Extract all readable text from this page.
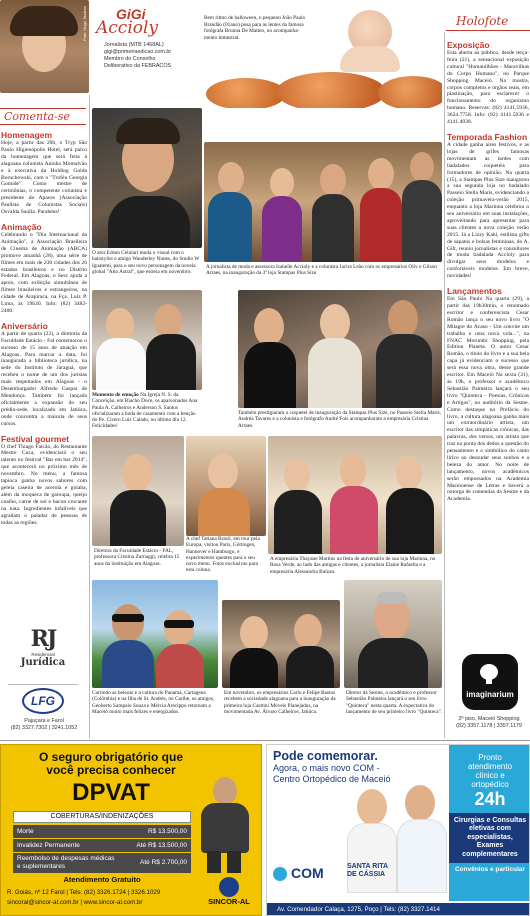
Foto: Hugo Tavares GiGi
Accioly
Jornalista (MTB 1468AL)
gigi@primeiraedicao.com.br
Membro do Conselho
Deliberativo da FEBRACOS
Bem ritmo de halloween, o pequeno João Paulo Brandão (01ano) posa para as lentes da famosa fotógrafa Brunna De Matteo, no acompanha-mento bimestral.
Holofote
Comenta-se
Homenagem
Hoje, a partir das 20h, o Tryp São Paulo Higienópolis Hotel, será palco da homenagem que será feita à alagoana colunista Aninha Montalvão e à executiva da Holding Golda Boruchowski, com o "Troféu Georgia Gomide". Como mestre de cerimônias, o competente colunista e presidente da Apaces (Associação Paulista de Colunistas Sociais) Osvalda Saulla. Parabéns!
Animação
Celebrando o "Dia Internacional da Animação", a Associação Brasileira de Cinema de Animação (ABCA) promove amanhã (28), uma série de filmes em mais de 230 cidades dos 26 estados brasileiros e no Distrito Federal. Em Alagoas, o Sesc ajuda a apoio, com exibição simultânea de filmes brasileiros e estrangeiros, na cidade de Arapiraca, na Fça. Luiz P. Lima, às 19h30. Info: (82) 3482-2400.
Aniversário
A partir de quarta (22), a diretoria da Faculdade Estácio - Fal comemorou o sucesso de 15 anos de atuação em Alagoas. Para marcar a data, foi inaugurada a biblioteca jurídica, na sede do Instituto de Jaraguá, que recebeu o nome de um dos juristas mais respeitados em Alagoas - o Desembargador Alfredo Gaspar de Mendonça. Também foi lançada oficialmente a expansão do seu prédio-sede, localizado em Jatiúca, onde concentra a maioria de seus cursos.
Festival gourmet
O chef Thiago Falcão, do Restaurante Mestre Cuca, evidenciará o seu talento no festival "Bar em bar 2014", que acontecerá no próximo mês de novembro. No menu, a famosa tapioca ganha novos sabores com geleia caseira de acerola e goiaba, além da moqueca de garoupa, queijo coalho, carne de sol e bacon crocante na nata. Ingredientes infalíveis que agradam o paladar de pessoas de todas as regiões.
RJ
Residencial
Jurídica
LFG
Pajuçara e Farol
(82) 3327.7302 | 3241.1052
O ator Edson Celulari muda o visual com o hairstylist e amigo Wanderley Nunes, do Studio W Iguatemi, para o seu novo personagem da novela global "Alto Astral", que estreia em novembro.
A jornalista de moda e assessora Isabelle Accioly e a colunista Jacira Leão com os empresários Oliv e Gilson Arraes, na inauguração da 3ª loja Stampas Plus Size.
Momento de emoção Na Igreja N. S. da Conceição, em Riacho Doce, os apaixonados Ana Paula A. Calheiros e Anderson S. Santos oficializaram a boda de casamento com a benção do Pe. Cícero Luiz Calado, no último dia 12. Felicidades!
Também prestigiaram o coquetel de inauguração da Stampas Plus Size, no Passeio Stella Maris, Andréa Tavares e a colunista e fotógrafo André Fois acompanharam a empresária Cristina Arraes.
Diretora da Faculdade Estácio - FAL, professora Cristina Zurnaggi, celebra 15 anos da instituição em Alagoas.
A chef Tatiana Brasil, em tour pela Europa, visitou Paris, Göttingen, Hannover e Hamburgo, e experimentos quentes para o seu novo menu. Fotos exclusivas para esta coluna.
A empresária Thayane Martins na festa de aniversário de sua loja Marinna, no Rosa Verde, ao lado das amigas e clientes, a jornalista Elaine Rafaella e a empresária Alessandra Bulzan.
Curtindo as belezas e a cultura do Panamá, Cartagena (Colômbia) e na Ilha de St. Andrés, no Caribe, os amigos, Geoberto Sampaio Souza e Mércia Arecippo retornam a Maceió muito mais felizes e energizados.
Em novembro, os empresários Carlo e Felipe Bastos recebem a sociedade alagoana para a inauguração da primeira loja Casttini Móveis Planejados, na movimentada Av. Álvaro Calheiros, Jatiúca.
Diretor da Sesme, o acadêmico e professor Sebastião Palmeira lançará o seu livro "Quinteca" nesta quarta. A expectativa do lançamento de seu primeiro livro "Quinteca".
Exposição
Esta aberta ao público, desde terça-feira (21), a sensacional exposição cultural "Humanilhões - Maravilhas do Corpo Humano", no Parque Shopping Maceió. Na mostra, corpos completos e órgãos reais, em plastinação, para esclarecer o funcionamento do organismo humano. Reservas: (82) 4141.5936, 3624.7758. Info: (82) 4141.5936 e 4141.4038.
Temporada Fashion
A cidade ganha aires festivos, e as lojas de grifes famosas movimentam as tardes com badalados coquetéis para formadores de opinião. Na quarta (15), a Stampas Plus Size inaugurou a sua segunda loja no badalado Passeio Stella Maris, evidenciando a coleção primavera-verão 2015, enquanto a loja Marinna celebrou o seu aniversário em suas instalações, aproveitando para apresentar para suas clientes a nova coleção verão 2015. Já a Lizzy Kahl, estilista gifts de sapatos e bolsas femininas, do A. Gilt, reuniu jornalistas e consultores de moda badalada Accioly para divulgar seus modelos e confortáveis modelos. Em breve, novidades!
Lançamentos
Em São Paulo Na quarta (29), a partir das 19h30min, o renomado escritor e conferencista Cesar Romão lança o seu novo livro "O Milagre do Acaso - Um convite um trabalho e uma nova vida...", na FNAC Morumbi Shopping, pela Edition Planeta. O autor Cesar Romão, o título do livro e a sua bela capa já evidenciam o sucesso que será essa nova obra, desse grande escritor. Em Maceió Na sexta (31), às 19h, o professor e acadêmico Sebastião Palmeira lançará o seu livro "Quinteca - Poesias, Crônicas e Artigos", no auditório da Sesme. Como destaque no Prefácio do livro, a cultura alagoana ganha mais um extraordinário artista, um escritor das simpáticas crônicas, das palavras, dos versos, um artista que traz na ponta dos dedos a questão do pensamento e o simbólico do canto lírico ao desnudar seus sonhos e a beleza do amor. No noite de lançamento, novos acadêmicos serão empossados na Academia Maceioense de Letras e haverá a outorga de comendas da Sesme e da Academia.
imaginarium
2º piso, Maceió Shopping
(82) 3357.1178 | 3357.1179
O seguro obrigatório que
você precisa conhecer
DPVAT
COBERTURAS/INDENIZAÇÕES
Morte	R$ 13.500,00
Invalidez Permanente	Até R$ 13.500,00
Reembolso de despesas médicas e suplementares
Até R$ 2.700,00
Atendimento Gratuito
R. Goiás, nº 12 Farol | Tels: (82) 3326.1724 | 3326.1029
sincoral@sincor-al.com.br | www.sincor-al.com.br	SINCOR-AL
Pode comemorar.
Agora, o mais novo COM -
Centro Ortopédico de Maceió
COM	SANTA RITA
DE CÁSSIA
Pronto
atendimento
clínico e
ortopédico
24h
Cirurgias e Consultas
eletivas com
especialistas,
Exames
complementares
Convênios e particular
Av. Comendador Calaça, 1275, Poço | Tels: (82) 3327.1414
